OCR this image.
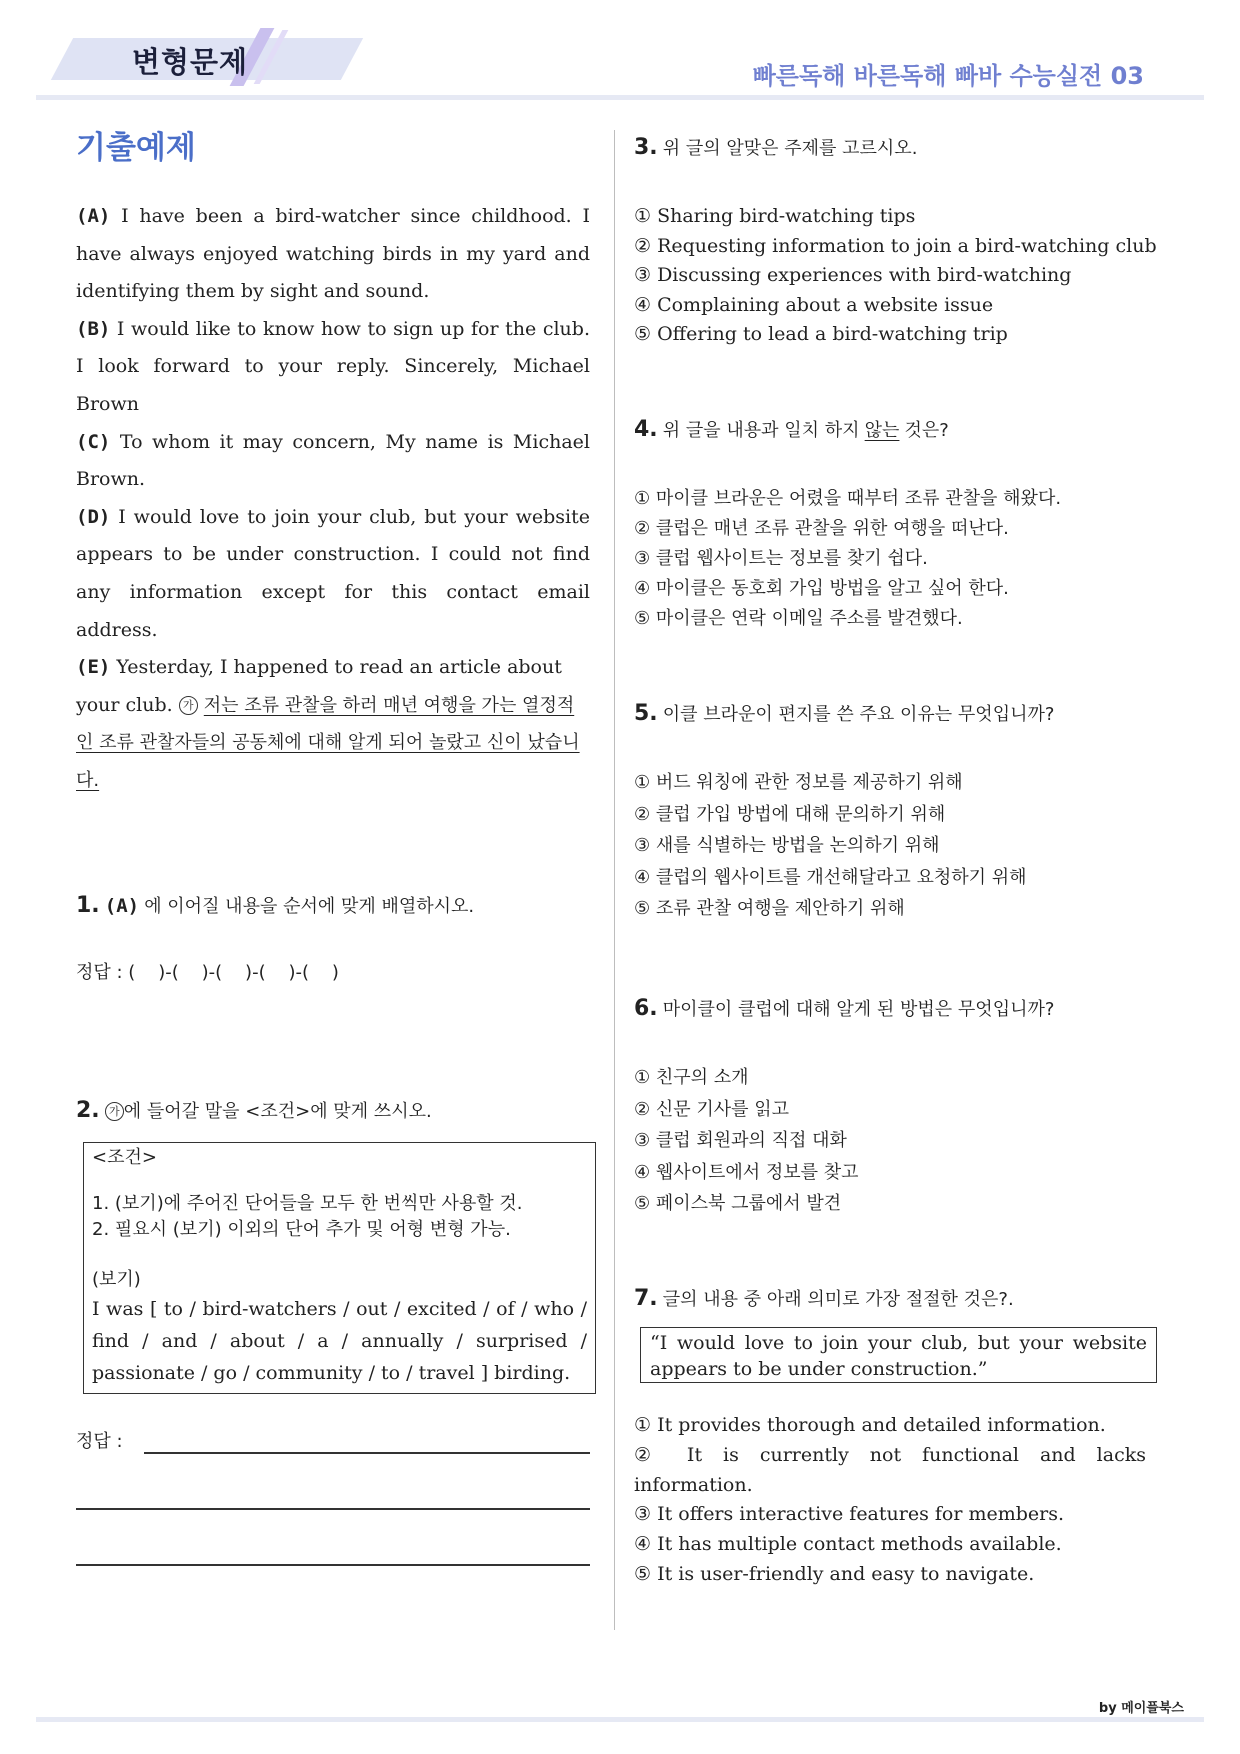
변형문제	빠른독해 바른독해 빠바 수능실전 03
기출예제

(A) I have been a bird-watcher since childhood. I have always enjoyed watching birds in my yard and identifying them by sight and sound.

(B) I would like to know how to sign up for the club. I look forward to your reply. Sincerely, Michael Brown

(C) To whom it may concern, My name is Michael Brown.

(D) I would love to join your club, but your website appears to be under construction. I could not find any information except for this contact email address.

(E) Yesterday, I happened to read an article about your club. 가 저는 조류 관찰을 하러 매년 여행을 가는 열정적인 조류 관찰자들의 공동체에 대해 알게 되어 놀랐고 신이 났습니다.

1. (A) 에 이어질 내용을 순서에 맞게 배열하시오.
정답 : (    )-(    )-(    )-(    )-(    )
2. 가 에 들어갈 말을 <조건>에 맞게 쓰시오.
<조건>
1. (보기)에 주어진 단어들을 모두 한 번씩만 사용할 것.
2. 필요시 (보기) 이외의 단어 추가 및 어형 변형 가능.
(보기)
I was [ to / bird-watchers / out / excited / of / who / find / and / about / a / annually / surprised / passionate / go / community / to / travel ] birding.
정답 :
3. 위 글의 알맞은 주제를 고르시오.
① Sharing bird-watching tips
② Requesting information to join a bird-watching club
③ Discussing experiences with bird-watching
④ Complaining about a website issue
⑤ Offering to lead a bird-watching trip
4. 위 글을 내용과 일치 하지 않는 것은?
① 마이클 브라운은 어렸을 때부터 조류 관찰을 해왔다.
② 클럽은 매년 조류 관찰을 위한 여행을 떠난다.
③ 클럽 웹사이트는 정보를 찾기 쉽다.
④ 마이클은 동호회 가입 방법을 알고 싶어 한다.
⑤ 마이클은 연락 이메일 주소를 발견했다.
5. 이클 브라운이 편지를 쓴 주요 이유는 무엇입니까?
① 버드 워칭에 관한 정보를 제공하기 위해
② 클럽 가입 방법에 대해 문의하기 위해
③ 새를 식별하는 방법을 논의하기 위해
④ 클럽의 웹사이트를 개선해달라고 요청하기 위해
⑤ 조류 관찰 여행을 제안하기 위해
6. 마이클이 클럽에 대해 알게 된 방법은 무엇입니까?
① 친구의 소개
② 신문 기사를 읽고
③ 클럽 회원과의 직접 대화
④ 웹사이트에서 정보를 찾고
⑤ 페이스북 그룹에서 발견
7. 글의 내용 중 아래 의미로 가장 절절한 것은?.
“I would love to join your club, but your website appears to be under construction.”
① It provides thorough and detailed information.
② It is currently not functional and lacks information.
③ It offers interactive features for members.
④ It has multiple contact methods available.
⑤ It is user-friendly and easy to navigate.
by 메이플북스
